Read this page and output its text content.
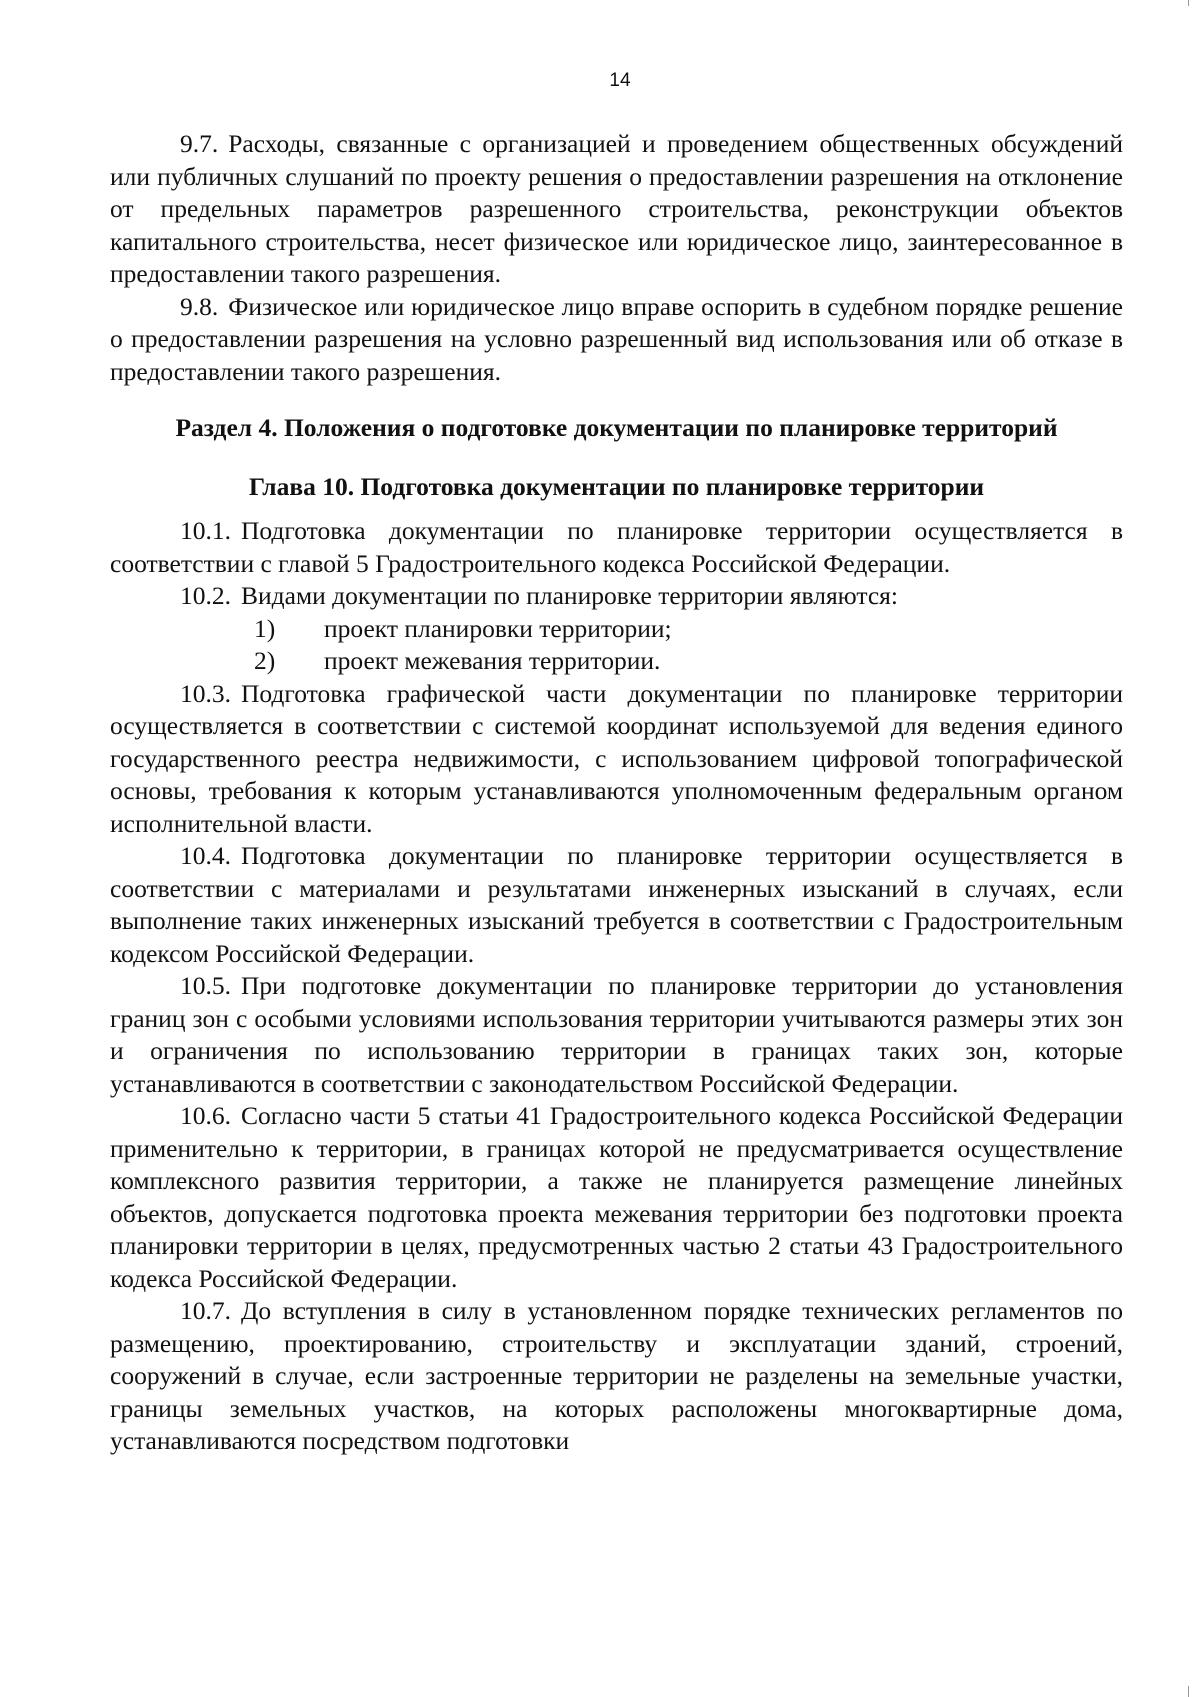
14

9.7. Расходы, связанные с организацией и проведением общественных обсуждений или публичных слушаний по проекту решения о предоставлении разрешения на отклонение от предельных параметров разрешенного строительства, реконструкции объектов капитального строительства, несет физическое или юридическое лицо, заинтересованное в предоставлении такого разрешения.

9.8. Физическое или юридическое лицо вправе оспорить в судебном порядке решение о предоставлении разрешения на условно разрешенный вид использования или об отказе в предоставлении такого разрешения.

Раздел 4. Положения о подготовке документации по планировке территорий
Глава 10. Подготовка документации по планировке территории

10.1. Подготовка документации по планировке территории осуществляется в соответствии с главой 5 Градостроительного кодекса Российской Федерации.

10.2. Видами документации по планировке территории являются:

1) проект планировки территории;

2) проект межевания территории.

10.3. Подготовка графической части документации по планировке территории осуществляется в соответствии с системой координат используемой для ведения единого государственного реестра недвижимости, с использованием цифровой топографической основы, требования к которым устанавливаются уполномоченным федеральным органом исполнительной власти.

10.4. Подготовка документации по планировке территории осуществляется в соответствии с материалами и результатами инженерных изысканий в случаях, если выполнение таких инженерных изысканий требуется в соответствии с Градостроительным кодексом Российской Федерации.

10.5. При подготовке документации по планировке территории до установления границ зон с особыми условиями использования территории учитываются размеры этих зон и ограничения по использованию территории в границах таких зон, которые устанавливаются в соответствии с законодательством Российской Федерации.

10.6. Согласно части 5 статьи 41 Градостроительного кодекса Российской Федерации применительно к территории, в границах которой не предусматривается осуществление комплексного развития территории, а также не планируется размещение линейных объектов, допускается подготовка проекта межевания территории без подготовки проекта планировки территории в целях, предусмотренных частью 2 статьи 43 Градостроительного кодекса Российской Федерации.

10.7. До вступления в силу в установленном порядке технических регламентов по размещению, проектированию, строительству и эксплуатации зданий, строений, сооружений в случае, если застроенные территории не разделены на земельные участки, границы земельных участков, на которых расположены многоквартирные дома, устанавливаются посредством подготовки
